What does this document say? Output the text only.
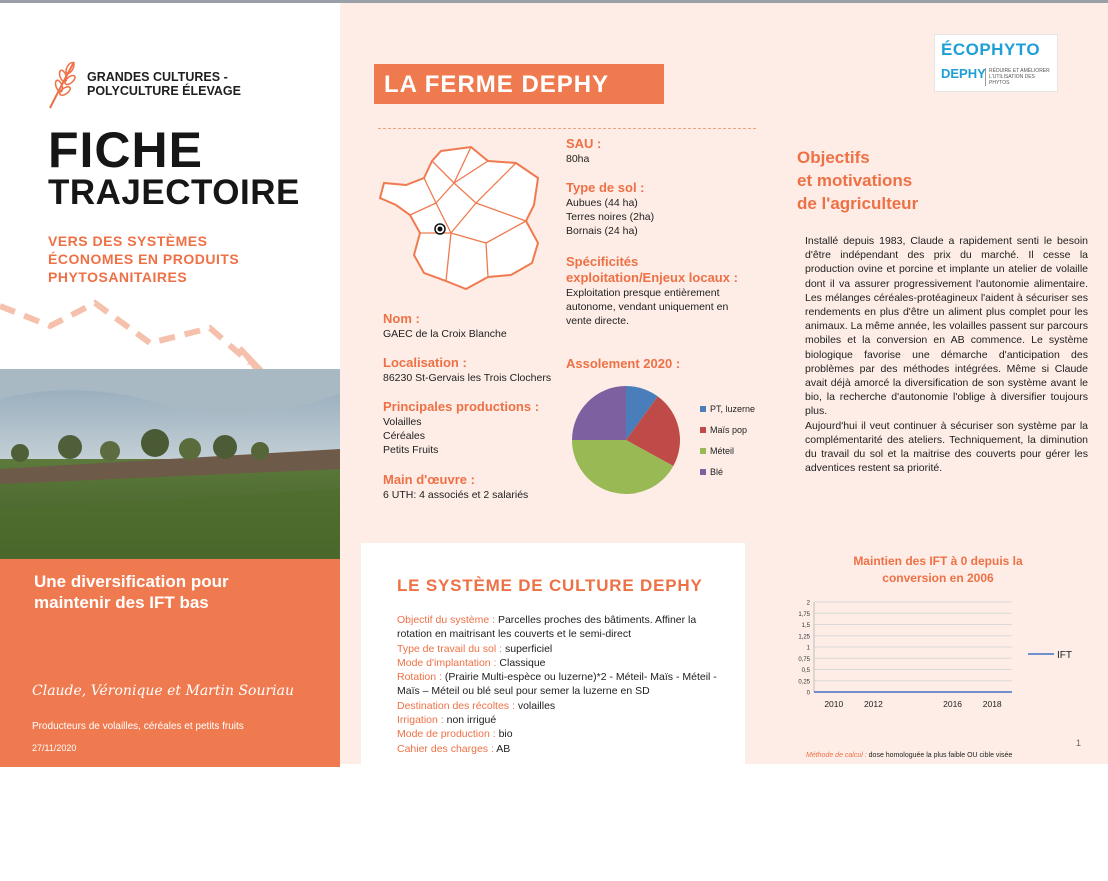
GRANDES CULTURES -
POLYCULTURE ÉLEVAGE
FICHE
TRAJECTOIRE
VERS DES SYSTÈMES
ÉCONOMES EN PRODUITS
PHYTOSANITAIRES
©CIVAM 86
Une diversification pour
maintenir des IFT bas
Claude, Véronique et Martin Souriau
Producteurs de volailles, céréales et petits fruits
27/11/2020
LA FERME DEPHY
ÉCOPHYTO
DEPHY RÉDUIRE ET AMÉLIORER
L'UTILISATION DES PHYTOS
SAU :
80ha
Type de sol :
Aubues (44 ha)
Terres noires (2ha)
Bornais (24 ha)
Spécificités
exploitation/Enjeux locaux :
Exploitation presque entièrement autonome, vendant uniquement en vente directe.
Nom :
GAEC de la Croix Blanche
Localisation :
86230 St-Gervais les Trois Clochers
Principales productions :
Volailles
Céréales
Petits Fruits
Main d'œuvre :
6 UTH: 4 associés et 2 salariés
Assolement 2020 :
PT, luzerne
Maïs pop
Méteil
Blé
Objectifs
et motivations
de l'agriculteur
Installé depuis 1983, Claude a rapidement senti le besoin d'être indépendant des prix du marché. Il cesse la production ovine et porcine et implante un atelier de volaille dont il va assurer progressivement l'autonomie alimentaire. Les mélanges céréales-protéagineux l'aident à sécuriser ses rendements en plus d'être un aliment plus complet pour les animaux. La même année, les volailles passent sur parcours mobiles et la conversion en AB commence. Le système biologique favorise une démarche d'anticipation des problèmes par des méthodes intégrées. Même si Claude avait déjà amorcé la diversification de son système avant le bio, la recherche d'autonomie l'oblige à diversifier toujours plus.
Aujourd'hui il veut continuer à sécuriser son système par la complémentarité des ateliers. Techniquement, la diminution du travail du sol et la maitrise des couverts pour gérer les adventices restent sa priorité.
LE SYSTÈME DE CULTURE DEPHY
Objectif du système : Parcelles proches des bâtiments. Affiner la rotation en maitrisant les couverts et le semi-direct
Type de travail du sol : superficiel
Mode d'implantation : Classique
Rotation : (Prairie Multi-espèce ou luzerne)*2 - Méteil- Maïs - Méteil - Maïs – Méteil ou blé seul pour semer la luzerne en SD
Destination des récoltes : volailles
Irrigation : non irrigué
Mode de production : bio
Cahier des charges : AB
Maintien des IFT à 0 depuis la
conversion en 2006
0
0,25
0,5
0,75
1
1,25
1,5
1,75
2
2010 2012	2016 2018
IFT
Méthode de calcul : dose homologuée la plus faible OU cible visée
1
